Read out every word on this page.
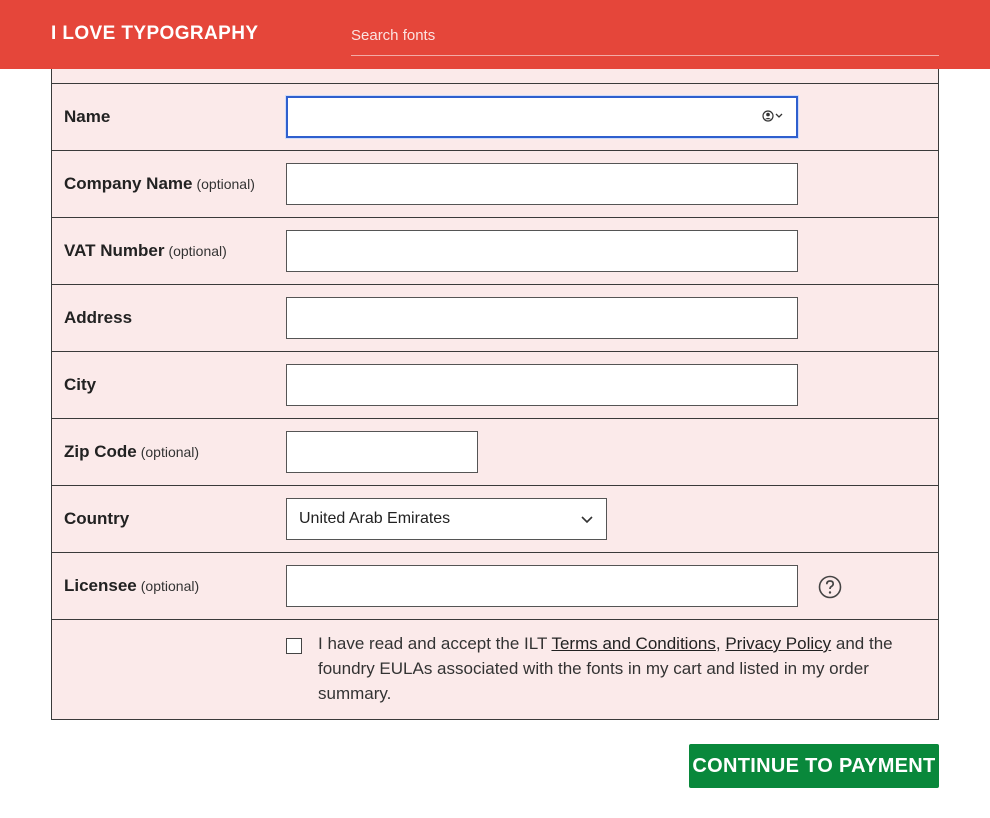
I LOVE TYPOGRAPHY
Search fonts
Name
Company Name (optional)
VAT Number (optional)
Address
City
Zip Code (optional)
Country	United Arab Emirates
Licensee (optional)
I have read and accept the ILT Terms and Conditions, Privacy Policy and the foundry EULAs associated with the fonts in my cart and listed in my order summary.
CONTINUE TO PAYMENT
